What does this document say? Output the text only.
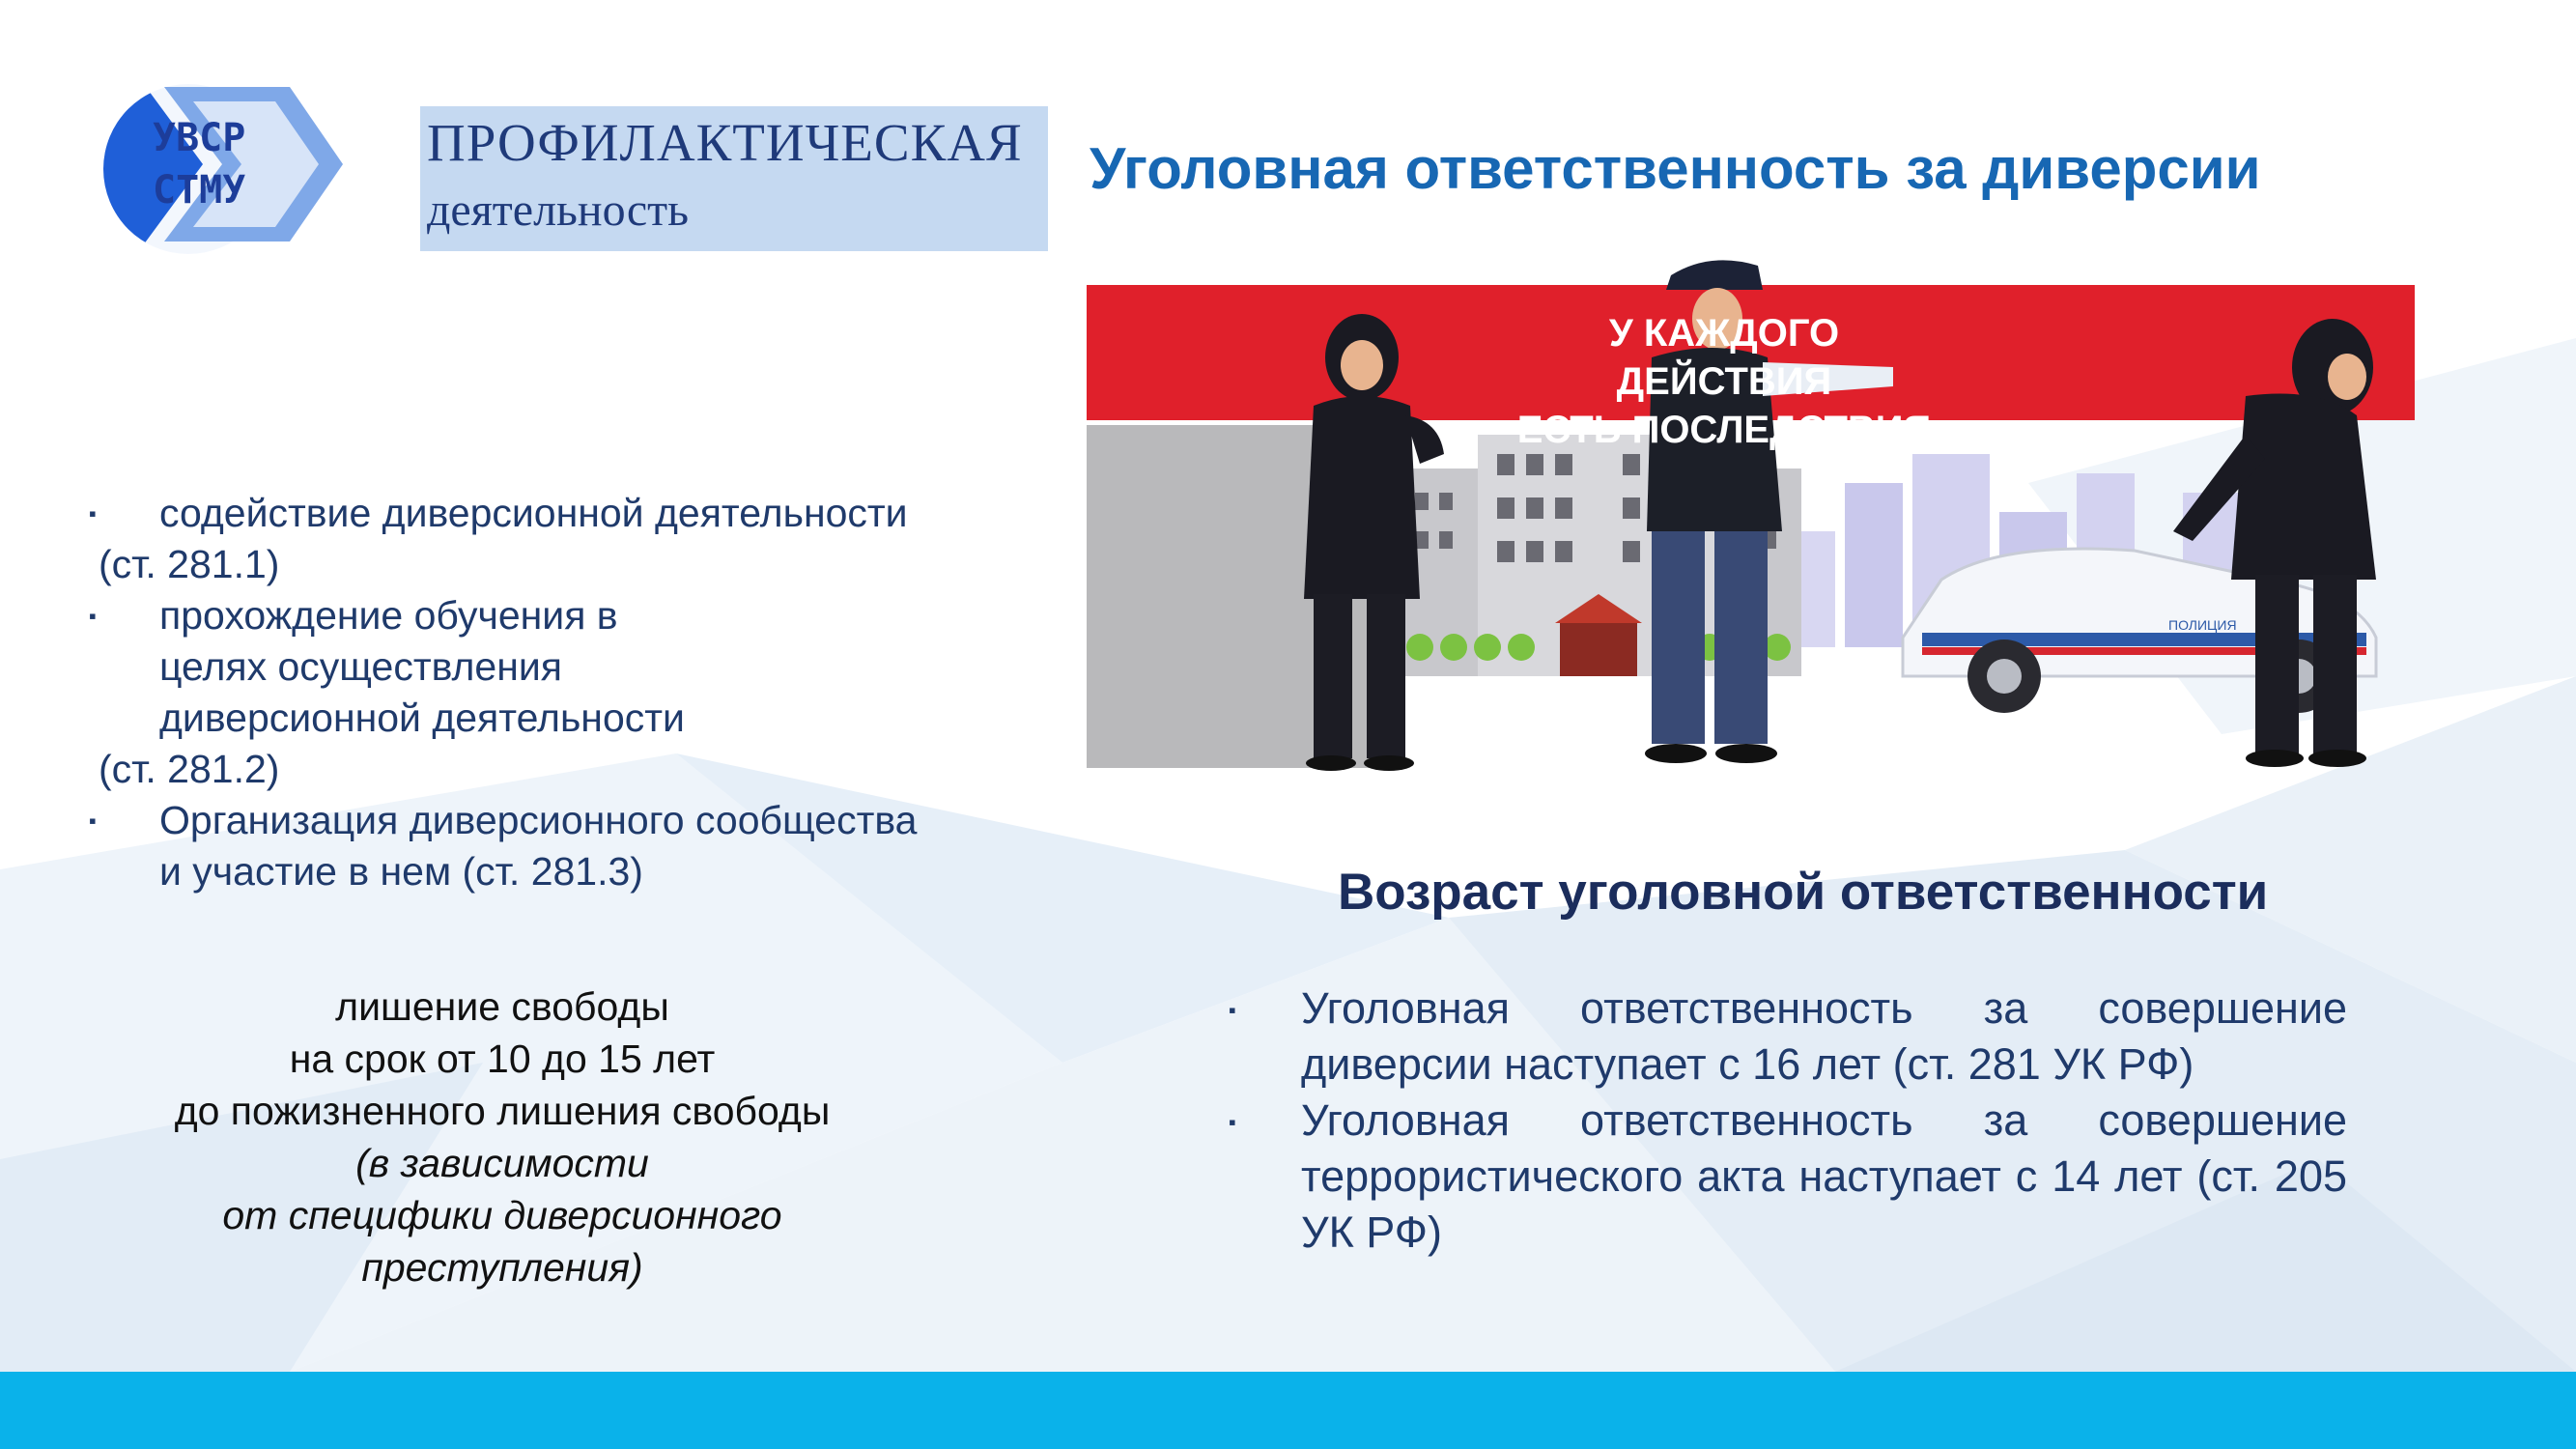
УВСР
СТМУ
ПРОФИЛАКТИЧЕСКАЯ
деятельность
Уголовная ответственность за диверсии
ПОЛИЦИЯ
У КАЖДОГО ДЕЙСТВИЯ
ЕСТЬ ПОСЛЕДСТВИЯ
▪ содействие диверсионной деятельности
(ст. 281.1)
▪ прохождение обучения в
целях осуществления
диверсионной деятельности
(ст. 281.2)
▪ Организация диверсионного сообщества
и участие в нем (ст. 281.3)
лишение свободы
на срок от 10 до 15 лет
до пожизненного лишения свободы
(в зависимости
от специфики диверсионного
преступления)
Возраст уголовной ответственности
▪ Уголовная ответственность за совершение диверсии наступает с 16 лет (ст. 281 УК РФ)
▪ Уголовная ответственность за совершение террористического акта наступает с 14 лет (ст. 205 УК РФ)
